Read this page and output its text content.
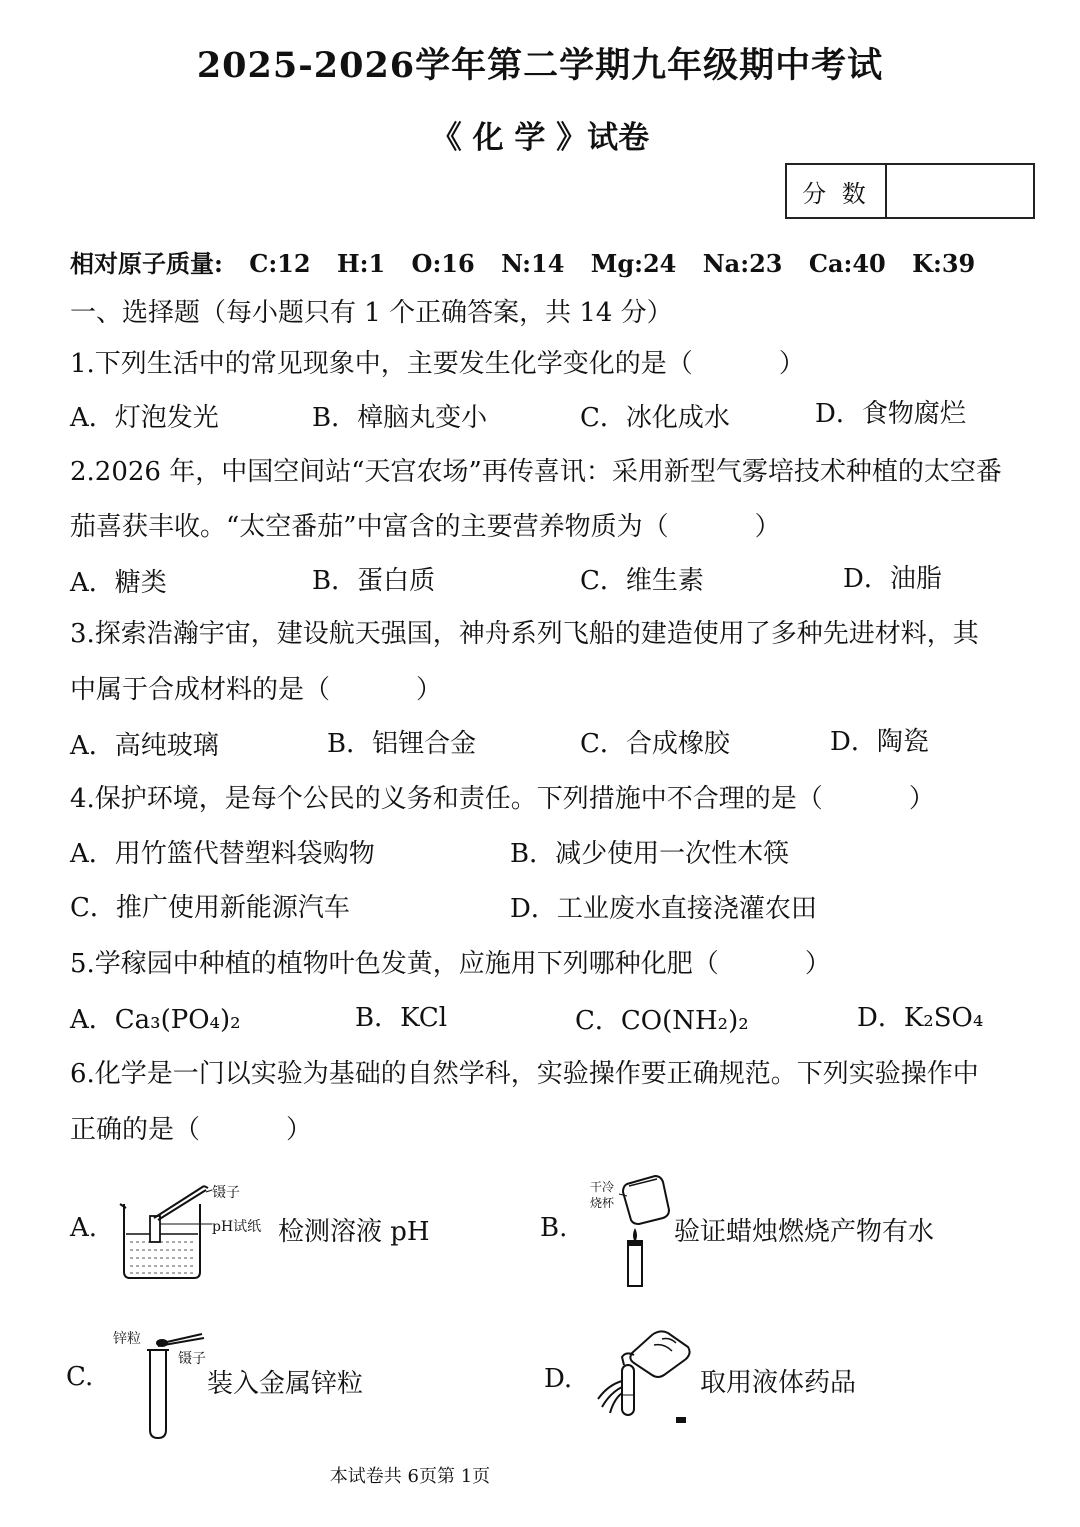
2025-2026学年第二学期九年级期中考试
《 化 学 》试卷
分 数
相对原子质量: C:12 H:1 O:16 N:14 Mg:24 Na:23 Ca:40 K:39
一、选择题（每小题只有 1 个正确答案，共 14 分）
1.下列生活中的常见现象中，主要发生化学变化的是（	）
A．灯泡发光	B．樟脑丸变小	C．冰化成水	D．食物腐烂
2.2026 年，中国空间站“天宫农场”再传喜讯：采用新型气雾培技术种植的太空番
茄喜获丰收。“太空番茄”中富含的主要营养物质为（	）
A．糖类	B．蛋白质	C．维生素	D．油脂
3.探索浩瀚宇宙，建设航天强国，神舟系列飞船的建造使用了多种先进材料，其
中属于合成材料的是（	）
A．高纯玻璃	B．铝锂合金	C．合成橡胶	D．陶瓷
4.保护环境，是每个公民的义务和责任。下列措施中不合理的是（	）
A．用竹篮代替塑料袋购物	B．减少使用一次性木筷
C．推广使用新能源汽车	D．工业废水直接浇灌农田
5.学稼园中种植的植物叶色发黄，应施用下列哪种化肥（	）
A．Ca₃(PO₄)₂	B．KCl	C．CO(NH₂)₂	D．K₂SO₄
6.化学是一门以实验为基础的自然学科，实验操作要正确规范。下列实验操作中
正确的是（	）
A.
镊子
pH试纸 检测溶液 pH	B.
干冷
烧杯
验证蜡烛燃烧产物有水
C.
锌粒
镊子
装入金属锌粒	D.	取用液体药品
本试卷共 6页第 1页
